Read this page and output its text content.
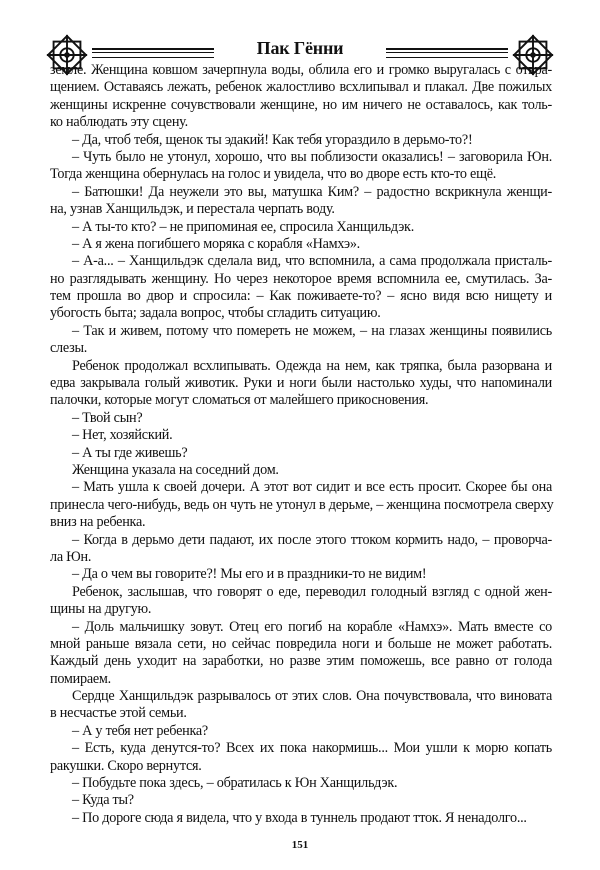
Пак Гённи
земле. Женщина ковшом зачерпнула воды, облила его и громко выругалась с отвра-
щением. Оставаясь лежать, ребенок жалостливо всхлипывал и плакал. Две пожилых
женщины искренне сочувствовали женщине, но им ничего не оставалось, как толь-
ко наблюдать эту сцену.
– Да, чтоб тебя, щенок ты эдакий! Как тебя угораздило в дерьмо-то?!
– Чуть было не утонул, хорошо, что вы поблизости оказались! – заговорила Юн.
Тогда женщина обернулась на голос и увидела, что во дворе есть кто-то ещё.
– Батюшки! Да неужели это вы, матушка Ким? – радостно вскрикнула женщи-
на, узнав Ханщильдэк, и перестала черпать воду.
– А ты-то кто? – не припоминая ее, спросила Ханщильдэк.
– А я жена погибшего моряка с корабля «Намхэ».
– А-а... – Ханщильдэк сделала вид, что вспомнила, а сама продолжала присталь-
но разглядывать женщину. Но через некоторое время вспомнила ее, смутилась. За-
тем прошла во двор и спросила: – Как поживаете-то? – ясно видя всю нищету и
убогость быта; задала вопрос, чтобы сгладить ситуацию.
– Так и живем, потому что помереть не можем, – на глазах женщины появились
слезы.
Ребенок продолжал всхлипывать. Одежда на нем, как тряпка, была разорвана и
едва закрывала голый животик. Руки и ноги были настолько худы, что напоминали
палочки, которые могут сломаться от малейшего прикосновения.
– Твой сын?
– Нет, хозяйский.
– А ты где живешь?
Женщина указала на соседний дом.
– Мать ушла к своей дочери. А этот вот сидит и все есть просит. Скорее бы она
принесла чего-нибудь, ведь он чуть не утонул в дерьме, – женщина посмотрела сверху
вниз на ребенка.
– Когда в дерьмо дети падают, их после этого ттоком кормить надо, – проворча-
ла Юн.
– Да о чем вы говорите?! Мы его и в праздники-то не видим!
Ребенок, заслышав, что говорят о еде, переводил голодный взгляд с одной жен-
щины на другую.
– Доль мальчишку зовут. Отец его погиб на корабле «Намхэ». Мать вместе со
мной раньше вязала сети, но сейчас повредила ноги и больше не может работать.
Каждый день уходит на заработки, но разве этим поможешь, все равно от голода
помираем.
Сердце Ханщильдэк разрывалось от этих слов. Она почувствовала, что виновата
в несчастье этой семьи.
– А у тебя нет ребенка?
– Есть, куда денутся-то? Всех их пока накормишь... Мои ушли к морю копать
ракушки. Скоро вернутся.
– Побудьте пока здесь, – обратилась к Юн Ханщильдэк.
– Куда ты?
– По дороге сюда я видела, что у входа в туннель продают тток. Я ненадолго...
151
